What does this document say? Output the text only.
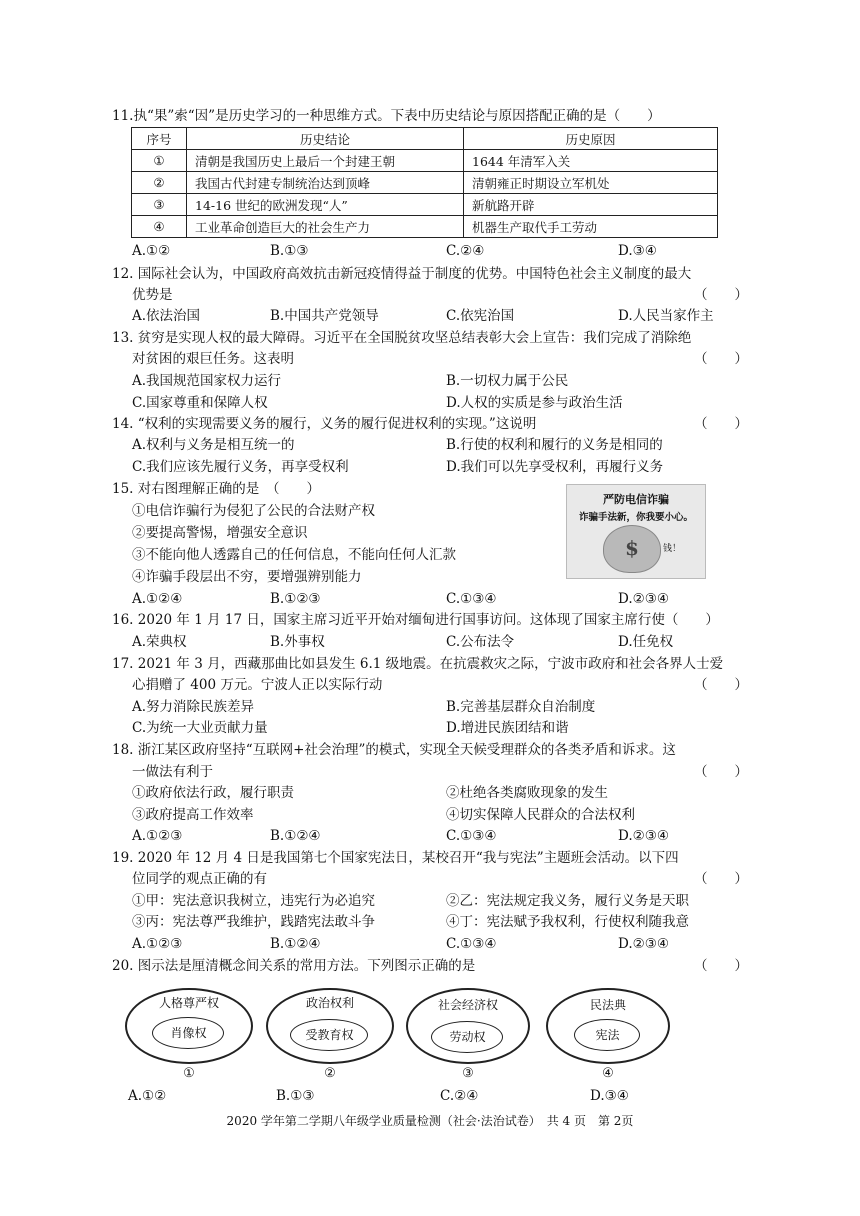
11.执“果”索“因”是历史学习的一种思维方式。下表中历史结论与原因搭配正确的是（　　）
序号	历史结论	历史原因
①	清朝是我国历史上最后一个封建王朝	1644 年清军入关
②	我国古代封建专制统治达到顶峰	清朝雍正时期设立军机处
③	14-16 世纪的欧洲发现“人”	新航路开辟
④	工业革命创造巨大的社会生产力	机器生产取代手工劳动
A.①②	B.①③	C.②④	D.③④
12. 国际社会认为，中国政府高效抗击新冠疫情得益于制度的优势。中国特色社会主义制度的最大
优势是	（　　）
A.依法治国	B.中国共产党领导	C.依宪治国	D.人民当家作主
13. 贫穷是实现人权的最大障碍。习近平在全国脱贫攻坚总结表彰大会上宣告：我们完成了消除绝
对贫困的艰巨任务。这表明	（　　）
A.我国规范国家权力运行	B.一切权力属于公民
C.国家尊重和保障人权	D.人权的实质是参与政治生活
14. “权利的实现需要义务的履行，义务的履行促进权利的实现。”这说明	（　　）
A.权利与义务是相互统一的	B.行使的权利和履行的义务是相同的
C.我们应该先履行义务，再享受权利	D.我们可以先享受权利，再履行义务
15. 对右图理解正确的是　（　　）
①电信诈骗行为侵犯了公民的合法财产权
②要提高警惕，增强安全意识
③不能向他人透露自己的任何信息，不能向任何人汇款
④诈骗手段层出不穷，要增强辨别能力
严防电信诈骗
诈骗手法新，你我要小心。
$	钱！
A.①②④	B.①②③	C.①③④	D.②③④
16. 2020 年 1 月 17 日，国家主席习近平开始对缅甸进行国事访问。这体现了国家主席行使（　　）
A.荣典权	B.外事权	C.公布法令	D.任免权
17. 2021 年 3 月，西藏那曲比如县发生 6.1 级地震。在抗震救灾之际，宁波市政府和社会各界人士爱
心捐赠了 400 万元。宁波人正以实际行动	（　　）
A.努力消除民族差异	B.完善基层群众自治制度
C.为统一大业贡献力量	D.增进民族团结和谐
18. 浙江某区政府坚持“互联网+社会治理”的模式，实现全天候受理群众的各类矛盾和诉求。这
一做法有利于	（　　）
①政府依法行政，履行职责	②杜绝各类腐败现象的发生
③政府提高工作效率	④切实保障人民群众的合法权利
A.①②③	B.①②④	C.①③④	D.②③④
19. 2020 年 12 月 4 日是我国第七个国家宪法日，某校召开“我与宪法”主题班会活动。以下四
位同学的观点正确的有	（　　）
①甲：宪法意识我树立，违宪行为必追究	②乙：宪法规定我义务，履行义务是天职
③丙：宪法尊严我维护，践踏宪法敢斗争	④丁：宪法赋予我权利，行使权利随我意
A.①②③	B.①②④	C.①③④	D.②③④
20. 图示法是厘清概念间关系的常用方法。下列图示正确的是	（　　）
人格尊严权
肖像权
①
政治权利
受教育权
②
社会经济权
劳动权
③
民法典
宪法
④
A.①②	B.①③	C.②④	D.③④
2020 学年第二学期八年级学业质量检测（社会·法治试卷）　共 4 页　第 2页
